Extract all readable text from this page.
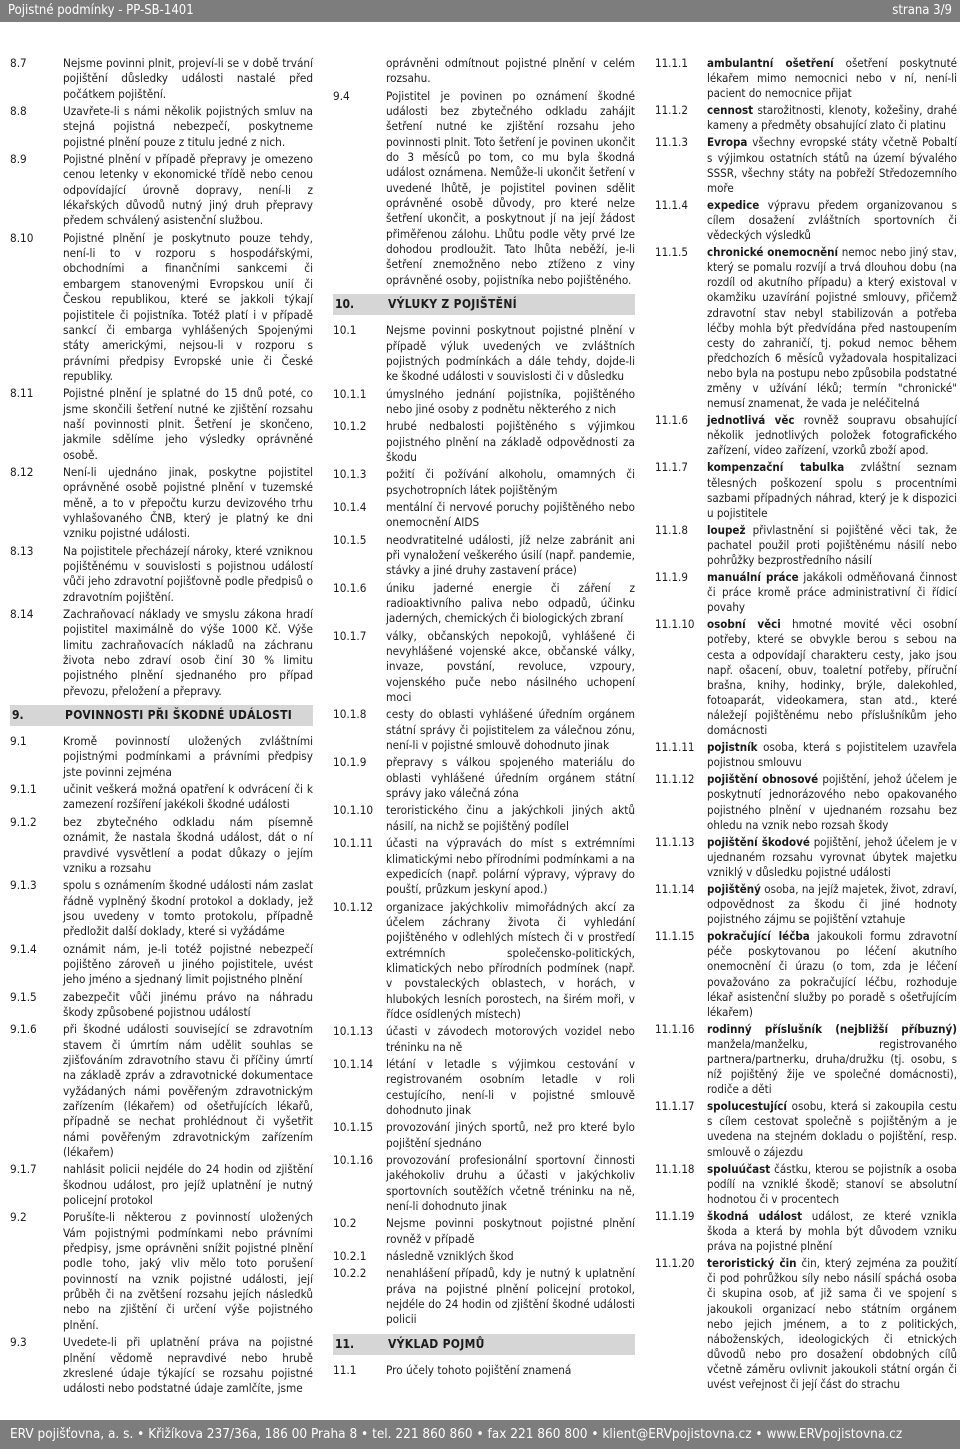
Pojistné podmínky - PP-SB-1401	strana 3/9
8.7	Nejsme povinni plnit, projeví-li se v době trvání pojištění důsledky události nastalé před počátkem pojištění.
8.8	Uzavřete-li s námi několik pojistných smluv na stejná pojistná nebezpečí, poskytneme pojistné plnění pouze z titulu jedné z nich.
8.9	Pojistné plnění v případě přepravy je omezeno cenou letenky v ekonomické třídě nebo cenou odpovídající úrovně dopravy, není-li z lékařských důvodů nutný jiný druh přepravy předem schválený asistenční službou.
8.10	Pojistné plnění je poskytnuto pouze tehdy, není-li to v rozporu s hospodářskými, obchodními a finančními sankcemi či embargem stanovenými Evropskou unií či Českou republikou, které se jakkoli týkají pojistitele či pojistníka. Totéž platí i v případě sankcí či embarga vyhlášených Spojenými státy americkými, nejsou-li v rozporu s právními předpisy Evropské unie či České republiky.
8.11	Pojistné plnění je splatné do 15 dnů poté, co jsme skončili šetření nutné ke zjištění rozsahu naší povinnosti plnit. Šetření je skončeno, jakmile sdělíme jeho výsledky oprávněné osobě.
8.12	Není-li ujednáno jinak, poskytne pojistitel oprávněné osobě pojistné plnění v tuzemské měně, a to v přepočtu kurzu devizového trhu vyhlašovaného ČNB, který je platný ke dni vzniku pojistné události.
8.13	Na pojistitele přecházejí nároky, které vzniknou pojištěnému v souvislosti s pojistnou událostí vůči jeho zdravotní pojišťovně podle předpisů o zdravotním pojištění.
8.14	Zachraňovací náklady ve smyslu zákona hradí pojistitel maximálně do výše 1000 Kč. Výše limitu zachraňovacích nákladů na záchranu života nebo zdraví osob činí 30 % limitu pojistného plnění sjednaného pro případ převozu, přeložení a přepravy.
9.	POVINNOSTI PŘI ŠKODNÉ UDÁLOSTI
9.1	Kromě povinností uložených zvláštními pojistnými podmínkami a právními předpisy jste povinni zejména
9.1.1 učinit veškerá možná opatření k odvrácení či k zamezení rozšíření jakékoli škodné události
9.1.2 bez zbytečného odkladu nám písemně oznámit, že nastala škodná událost, dát o ní pravdivé vysvětlení a podat důkazy o jejím vzniku a rozsahu
9.1.3 spolu s oznámením škodné události nám zaslat řádně vyplněný škodní protokol a doklady, jež jsou uvedeny v tomto protokolu, případně předložit další doklady, které si vyžádáme
9.1.4 oznámit nám, je-li totéž pojistné nebezpečí pojištěno zároveň u jiného pojistitele, uvést jeho jméno a sjednaný limit pojistného plnění
9.1.5 zabezpečit vůči jinému právo na náhradu škody způsobené pojistnou událostí
9.1.6 při škodné události související se zdravotním stavem či úmrtím nám udělit souhlas se zjišťováním zdravotního stavu či příčiny úmrtí na základě zpráv a zdravotnické dokumentace vyžádaných námi pověřeným zdravotnickým zařízením (lékařem) od ošetřujících lékařů, případně se nechat prohlédnout či vyšetřit námi pověřeným zdravotnickým zařízením (lékařem)
9.1.7 nahlásit policii nejdéle do 24 hodin od zjištění škodnou událost, pro jejíž uplatnění je nutný policejní protokol
9.2	Porušíte-li některou z povinností uložených Vám pojistnými podmínkami nebo právními předpisy, jsme oprávněni snížit pojistné plnění podle toho, jaký vliv mělo toto porušení povinností na vznik pojistné události, její průběh či na zvětšení rozsahu jejích následků nebo na zjištění či určení výše pojistného plnění.
9.3	Uvedete-li při uplatnění práva na pojistné plnění vědomě nepravdivé nebo hrubě zkreslené údaje týkající se rozsahu pojistné události nebo podstatné údaje zamlčíte, jsme
oprávněni odmítnout pojistné plnění v celém rozsahu.
9.4	Pojistitel je povinen po oznámení škodné události bez zbytečného odkladu zahájit šetření nutné ke zjištění rozsahu jeho povinnosti plnit. Toto šetření je povinen ukončit do 3 měsíců po tom, co mu byla škodná událost oznámena. Nemůže-li ukončit šetření v uvedené lhůtě, je pojistitel povinen sdělit oprávněné osobě důvody, pro které nelze šetření ukončit, a poskytnout jí na její žádost přiměřenou zálohu. Lhůtu podle věty prvé lze dohodou prodloužit. Tato lhůta neběží, je-li šetření znemožněno nebo ztíženo z viny oprávněné osoby, pojistníka nebo pojištěného.
10.	VÝLUKY Z POJIŠTĚNÍ
10.1	Nejsme povinni poskytnout pojistné plnění v případě výluk uvedených ve zvláštních pojistných podmínkách a dále tehdy, dojde-li ke škodné události v souvislosti či v důsledku
10.1.1 úmyslného jednání pojistníka, pojištěného nebo jiné osoby z podnětu některého z nich
10.1.2 hrubé nedbalosti pojištěného s výjimkou pojistného plnění na základě odpovědnosti za škodu
10.1.3 požití či požívání alkoholu, omamných či psychotropních látek pojištěným
10.1.4 mentální či nervové poruchy pojištěného nebo onemocnění AIDS
10.1.5 neodvratitelné události, jíž nelze zabránit ani při vynaložení veškerého úsilí (např. pandemie, stávky a jiné druhy zastavení práce)
10.1.6 úniku jaderné energie či záření z radioaktivního paliva nebo odpadů, účinku jaderných, chemických či biologických zbraní
10.1.7 války, občanských nepokojů, vyhlášené či nevyhlášené vojenské akce, občanské války, invaze, povstání, revoluce, vzpoury, vojenského puče nebo násilného uchopení moci
10.1.8 cesty do oblasti vyhlášené úředním orgánem státní správy či pojistitelem za válečnou zónu, není-li v pojistné smlouvě dohodnuto jinak
10.1.9 přepravy s válkou spojeného materiálu do oblasti vyhlášené úředním orgánem státní správy jako válečná zóna
10.1.10 teroristického činu a jakýchkoli jiných aktů násilí, na nichž se pojištěný podílel
10.1.11 účasti na výpravách do míst s extrémními klimatickými nebo přírodními podmínkami a na expedicích (např. polární výpravy, výpravy do pouští, průzkum jeskyní apod.)
10.1.12 organizace jakýchkoliv mimořádných akcí za účelem záchrany života či vyhledání pojištěného v odlehlých místech či v prostředí extrémních společensko-politických, klimatických nebo přírodních podmínek (např. v povstaleckých oblastech, v horách, v hlubokých lesních porostech, na širém moři, v řídce osídlených místech)
10.1.13 účasti v závodech motorových vozidel nebo tréninku na ně
10.1.14 létání v letadle s výjimkou cestování v registrovaném osobním letadle v roli cestujícího, není-li v pojistné smlouvě dohodnuto jinak
10.1.15 provozování jiných sportů, než pro které bylo pojištění sjednáno
10.1.16 provozování profesionální sportovní činnosti jakéhokoliv druhu a účasti v jakýchkoliv sportovních soutěžích včetně tréninku na ně, není-li dohodnuto jinak
10.2	Nejsme povinni poskytnout pojistné plnění rovněž v případě
10.2.1 následně vzniklých škod
10.2.2 nenahlášení případů, kdy je nutný k uplatnění práva na pojistné plnění policejní protokol, nejdéle do 24 hodin od zjištění škodné události policii
11.	VÝKLAD POJMŮ
11.1	Pro účely tohoto pojištění znamená
11.1.1 ambulantní ošetření ošetření poskytnuté lékařem mimo nemocnici nebo v ní, není-li pacient do nemocnice přijat
11.1.2 cennost starožitnosti, klenoty, kožešiny, drahé kameny a předměty obsahující zlato či platinu
11.1.3 Evropa všechny evropské státy včetně Pobaltí s výjimkou ostatních států na území bývalého SSSR, všechny státy na pobřeží Středozemního moře
11.1.4 expedice výpravu předem organizovanou s cílem dosažení zvláštních sportovních či vědeckých výsledků
11.1.5 chronické onemocnění nemoc nebo jiný stav, který se pomalu rozvíjí a trvá dlouhou dobu (na rozdíl od akutního případu) a který existoval v okamžiku uzavírání pojistné smlouvy, přičemž zdravotní stav nebyl stabilizován a potřeba léčby mohla být předvídána před nastoupením cesty do zahraničí, tj. pokud nemoc během předchozích 6 měsíců vyžadovala hospitalizaci nebo byla na postupu nebo způsobila podstatné změny v užívání léků; termín "chronické" nemusí znamenat, že vada je neléčitelná
11.1.6 jednotlivá věc rovněž soupravu obsahující několik jednotlivých položek fotografického zařízení, video zařízení, vzorků zboží apod.
11.1.7 kompenzační tabulka zvláštní seznam tělesných poškození spolu s procentními sazbami případných náhrad, který je k dispozici u pojistitele
11.1.8 loupež přivlastnění si pojištěné věci tak, že pachatel použil proti pojištěnému násilí nebo pohrůžky bezprostředního násilí
11.1.9 manuální práce jakákoli odměňovaná činnost či práce kromě práce administrativní či řídicí povahy
11.1.10 osobní věci hmotné movité věci osobní potřeby, které se obvykle berou s sebou na cesta a odpovídají charakteru cesty, jako jsou např. ošacení, obuv, toaletní potřeby, příruční brašna, knihy, hodinky, brýle, dalekohled, fotoaparát, videokamera, stan atd., které náležejí pojištěnému nebo příslušníkům jeho domácnosti
11.1.11 pojistník osoba, která s pojistitelem uzavřela pojistnou smlouvu
11.1.12 pojištění obnosové pojištění, jehož účelem je poskytnutí jednorázového nebo opakovaného pojistného plnění v ujednaném rozsahu bez ohledu na vznik nebo rozsah škody
11.1.13 pojištění škodové pojištění, jehož účelem je v ujednaném rozsahu vyrovnat úbytek majetku vzniklý v důsledku pojistné události
11.1.14 pojištěný osoba, na jejíž majetek, život, zdraví, odpovědnost za škodu či jiné hodnoty pojistného zájmu se pojištění vztahuje
11.1.15 pokračující léčba jakoukoli formu zdravotní péče poskytovanou po léčení akutního onemocnění či úrazu (o tom, zda je léčení považováno za pokračující léčbu, rozhoduje lékař asistenční služby po poradě s ošetřujícím lékařem)
11.1.16 rodinný příslušník (nejbližší příbuzný) manžela/manželku, registrovaného partnera/partnerku, druha/družku (tj. osobu, s níž pojištěný žije ve společné domácnosti), rodiče a děti
11.1.17 spolucestující osobu, která si zakoupila cestu s cílem cestovat společně s pojištěným a je uvedena na stejném dokladu o pojištění, resp. smlouvě o zájezdu
11.1.18 spoluúčast částku, kterou se pojistník a osoba podílí na vzniklé škodě; stanoví se absolutní hodnotou či v procentech
11.1.19 škodná událost událost, ze které vznikla škoda a která by mohla být důvodem vzniku práva na pojistné plnění
11.1.20 teroristický čin čin, který zejména za použití či pod pohrůžkou síly nebo násilí spáchá osoba či skupina osob, ať již sama či ve spojení s jakoukoli organizací nebo státním orgánem nebo jejich jménem, a to z politických, náboženských, ideologických či etnických důvodů nebo pro dosažení obdobných cílů včetně záměru ovlivnit jakoukoli státní orgán či uvést veřejnost či její část do strachu
ERV pojišťovna, a. s. • Křižíkova 237/36a, 186 00 Praha 8 • tel. 221 860 860 • fax 221 860 800 • klient@ERVpojistovna.cz • www.ERVpojistovna.cz
